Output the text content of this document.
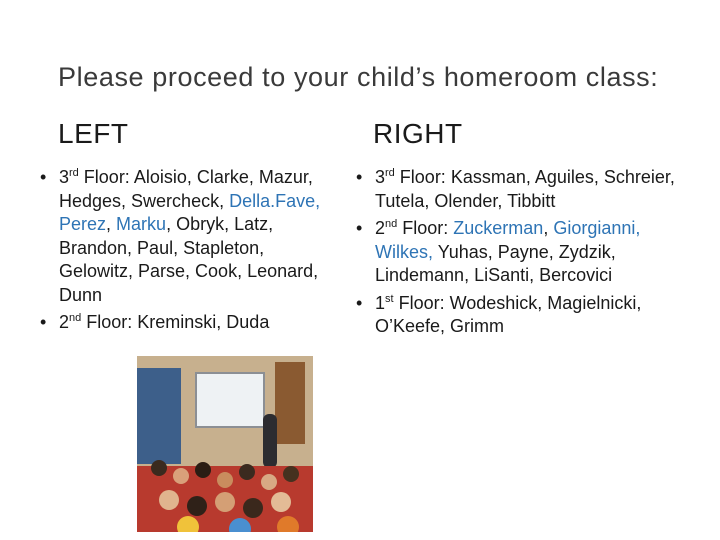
Please proceed to your child’s homeroom class:
LEFT	RIGHT
• 3rd Floor: Aloisio, Clarke, Mazur, Hedges, Swercheck, Della.Fave, Perez, Marku, Obryk, Latz, Brandon, Paul, Stapleton, Gelowitz, Parse, Cook, Leonard, Dunn
• 2nd Floor: Kreminski, Duda
• 3rd Floor: Kassman, Aguiles, Schreier, Tutela, Olender, Tibbitt
• 2nd Floor: Zuckerman, Giorgianni, Wilkes, Yuhas, Payne, Zydzik, Lindemann, LiSanti, Bercovici
• 1st Floor: Wodeshick, Magielnicki, O’Keefe, Grimm
